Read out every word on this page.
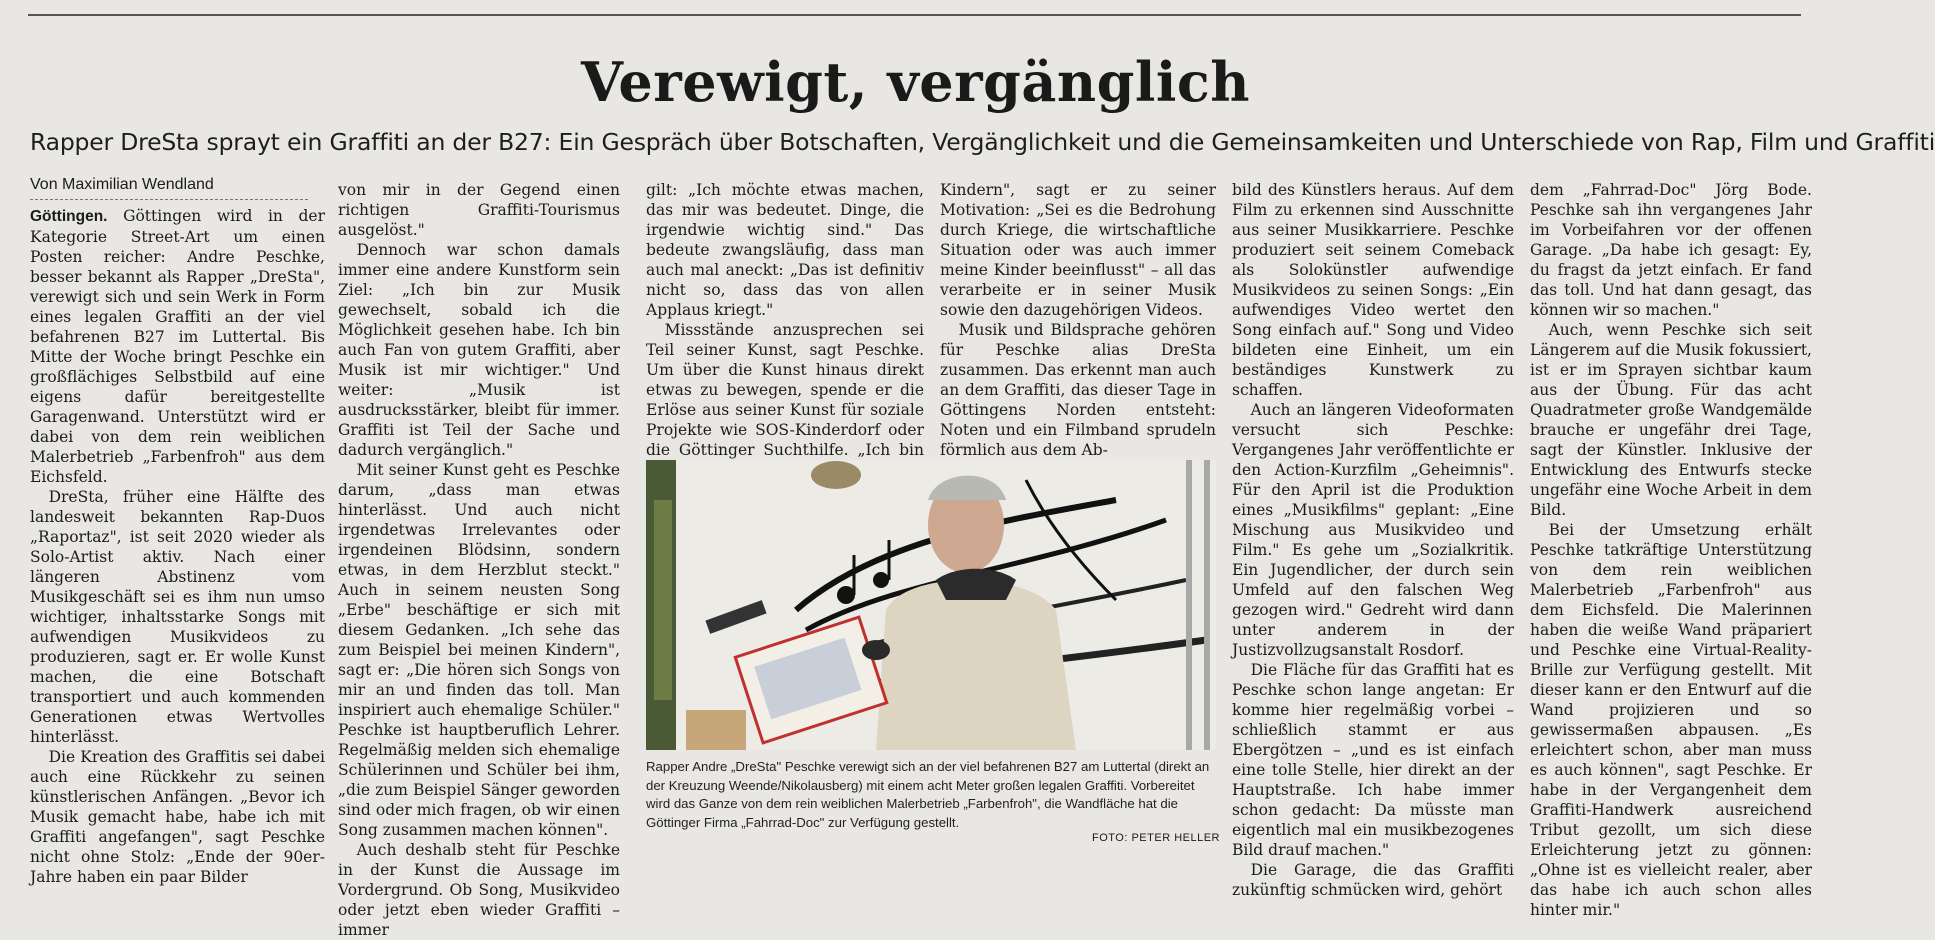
Verewigt, vergänglich
Rapper DreSta sprayt ein Graffiti an der B27: Ein Gespräch über Botschaften, Vergänglichkeit und die Gemeinsamkeiten und Unterschiede von Rap, Film und Graffiti
Von Maximilian Wendland

Göttingen. Göttingen wird in der Kategorie Street-Art um einen Posten reicher: Andre Peschke, besser bekannt als Rapper „DreSta", verewigt sich und sein Werk in Form eines legalen Graffiti an der viel befahrenen B27 im Luttertal. Bis Mitte der Woche bringt Peschke ein großflächiges Selbstbild auf eine eigens dafür bereitgestellte Garagenwand. Unterstützt wird er dabei von dem rein weiblichen Malerbetrieb „Farbenfroh" aus dem Eichsfeld.

DreSta, früher eine Hälfte des landesweit bekannten Rap-Duos „Raportaz", ist seit 2020 wieder als Solo-Artist aktiv. Nach einer längeren Abstinenz vom Musikgeschäft sei es ihm nun umso wichtiger, inhaltsstarke Songs mit aufwendigen Musikvideos zu produzieren, sagt er. Er wolle Kunst machen, die eine Botschaft transportiert und auch kommenden Generationen etwas Wertvolles hinterlässt.

Die Kreation des Graffitis sei dabei auch eine Rückkehr zu seinen künstlerischen Anfängen. „Bevor ich Musik gemacht habe, habe ich mit Graffiti angefangen", sagt Peschke nicht ohne Stolz: „Ende der 90er-Jahre haben ein paar Bilder

von mir in der Gegend einen richtigen Graffiti-Tourismus ausgelöst."

Dennoch war schon damals immer eine andere Kunstform sein Ziel: „Ich bin zur Musik gewechselt, sobald ich die Möglichkeit gesehen habe. Ich bin auch Fan von gutem Graffiti, aber Musik ist mir wichtiger." Und weiter: „Musik ist ausdrucksstärker, bleibt für immer. Graffiti ist Teil der Sache und dadurch vergänglich."

Mit seiner Kunst geht es Peschke darum, „dass man etwas hinterlässt. Und auch nicht irgendetwas Irrelevantes oder irgendeinen Blödsinn, sondern etwas, in dem Herzblut steckt." Auch in seinem neusten Song „Erbe" beschäftige er sich mit diesem Gedanken. „Ich sehe das zum Beispiel bei meinen Kindern", sagt er: „Die hören sich Songs von mir an und finden das toll. Man inspiriert auch ehemalige Schüler." Peschke ist hauptberuflich Lehrer. Regelmäßig melden sich ehemalige Schülerinnen und Schüler bei ihm, „die zum Beispiel Sänger geworden sind oder mich fragen, ob wir einen Song zusammen machen können".

Auch deshalb steht für Peschke in der Kunst die Aussage im Vordergrund. Ob Song, Musikvideo oder jetzt eben wieder Graffiti – immer

gilt: „Ich möchte etwas machen, das mir was bedeutet. Dinge, die irgendwie wichtig sind." Das bedeute zwangsläufig, dass man auch mal aneckt: „Das ist definitiv nicht so, dass das von allen Applaus kriegt."

Missstände anzusprechen sei Teil seiner Kunst, sagt Peschke. Um über die Kunst hinaus direkt etwas zu bewegen, spende er die Erlöse aus seiner Kunst für soziale Projekte wie SOS-Kinderdorf oder die Göttinger Suchthilfe. „Ich bin

Kindern", sagt er zu seiner Motivation: „Sei es die Bedrohung durch Kriege, die wirtschaftliche Situation oder was auch immer meine Kinder beeinflusst" – all das verarbeite er in seiner Musik sowie den dazugehörigen Videos.

Musik und Bildsprache gehören für Peschke alias DreSta zusammen. Das erkennt man auch an dem Graffiti, das dieser Tage in Göttingens Norden entsteht: Noten und ein Filmband sprudeln förmlich aus dem Ab-

bild des Künstlers heraus. Auf dem Film zu erkennen sind Ausschnitte aus seiner Musikkarriere. Peschke produziert seit seinem Comeback als Solokünstler aufwendige Musikvideos zu seinen Songs: „Ein aufwendiges Video wertet den Song einfach auf." Song und Video bildeten eine Einheit, um ein beständiges Kunstwerk zu schaffen.

Auch an längeren Videoformaten versucht sich Peschke: Vergangenes Jahr veröffentlichte er den Action-Kurzfilm „Geheimnis". Für den April ist die Produktion eines „Musikfilms" geplant: „Eine Mischung aus Musikvideo und Film." Es gehe um „Sozialkritik. Ein Jugendlicher, der durch sein Umfeld auf den falschen Weg gezogen wird." Gedreht wird dann unter anderem in der Justizvollzugsanstalt Rosdorf.

Die Fläche für das Graffiti hat es Peschke schon lange angetan: Er komme hier regelmäßig vorbei – schließlich stammt er aus Ebergötzen – „und es ist einfach eine tolle Stelle, hier direkt an der Hauptstraße. Ich habe immer schon gedacht: Da müsste man eigentlich mal ein musikbezogenes Bild drauf machen."

Die Garage, die das Graffiti zukünftig schmücken wird, gehört

dem „Fahrrad-Doc" Jörg Bode. Peschke sah ihn vergangenes Jahr im Vorbeifahren vor der offenen Garage. „Da habe ich gesagt: Ey, du fragst da jetzt einfach. Er fand das toll. Und hat dann gesagt, das können wir so machen."

Auch, wenn Peschke sich seit Längerem auf die Musik fokussiert, ist er im Sprayen sichtbar kaum aus der Übung. Für das acht Quadratmeter große Wandgemälde brauche er ungefähr drei Tage, sagt der Künstler. Inklusive der Entwicklung des Entwurfs stecke ungefähr eine Woche Arbeit in dem Bild.

Bei der Umsetzung erhält Peschke tatkräftige Unterstützung von dem rein weiblichen Malerbetrieb „Farbenfroh" aus dem Eichsfeld. Die Malerinnen haben die weiße Wand präpariert und Peschke eine Virtual-Reality-Brille zur Verfügung gestellt. Mit dieser kann er den Entwurf auf die Wand projizieren und so gewissermaßen abpausen. „Es erleichtert schon, aber man muss es auch können", sagt Peschke. Er habe in der Vergangenheit dem Graffiti-Handwerk ausreichend Tribut gezollt, um sich diese Erleichterung jetzt zu gönnen: „Ohne ist es vielleicht realer, aber das habe ich auch schon alles hinter mir."

Rapper Andre „DreSta" Peschke verewigt sich an der viel befahrenen B27 am Luttertal (direkt an der Kreuzung Weende/Nikolausberg) mit einem acht Meter großen legalen Graffiti. Vorbereitet wird das Ganze von dem rein weiblichen Malerbetrieb „Farbenfroh", die Wandfläche hat die Göttinger Firma „Fahrrad-Doc" zur Verfügung gestellt.
FOTO: PETER HELLER
